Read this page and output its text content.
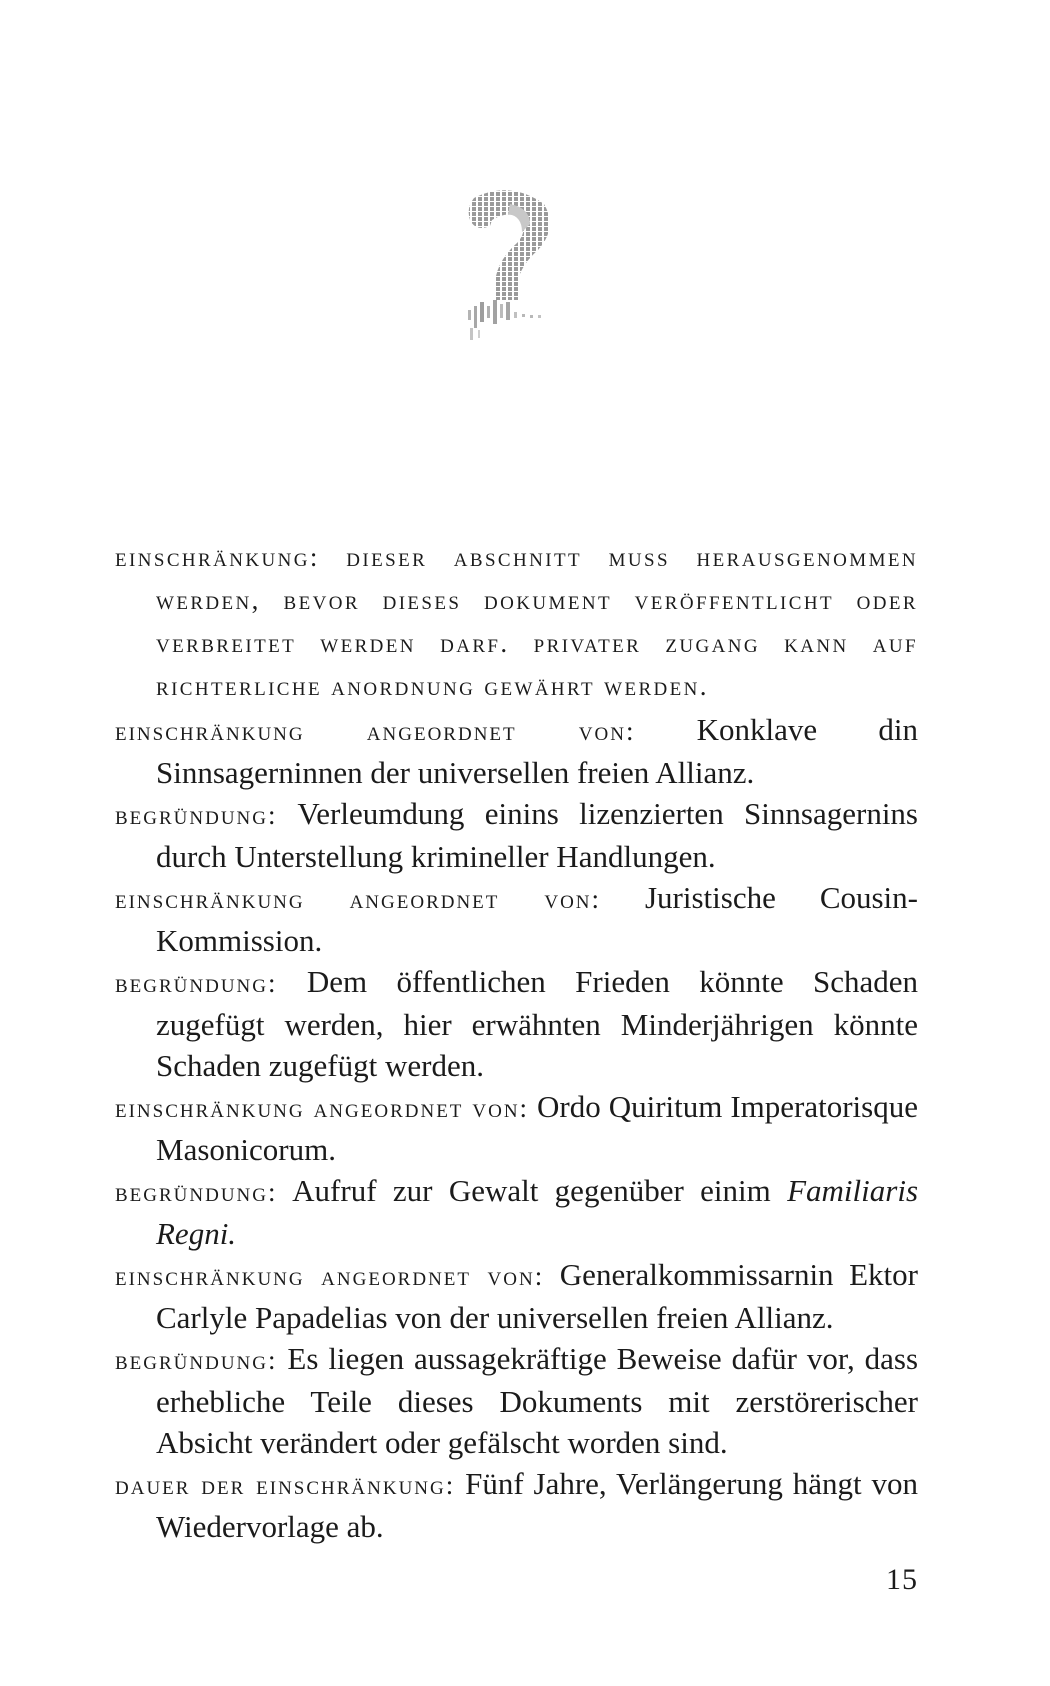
einschränkung: dieser abschnitt muss herausgenommen werden, bevor dieses dokument veröffentlicht oder verbreitet werden darf. privater zugang kann auf richterliche anordnung gewährt werden.

einschränkung angeordnet von: Konklave din Sinnsagerninnen der universellen freien Allianz.

begründung: Verleumdung einins lizenzierten Sinnsagernins durch Unterstellung krimineller Handlungen.

einschränkung angeordnet von: Juristische Cousin-Kommission.

begründung: Dem öffentlichen Frieden könnte Schaden zugefügt werden, hier erwähnten Minderjährigen könnte Schaden zugefügt werden.

einschränkung angeordnet von: Ordo Quiritum Imperatorisque Masonicorum.

begründung: Aufruf zur Gewalt gegenüber einim Familiaris Regni.

einschränkung angeordnet von: Generalkommissarnin Ektor Carlyle Papadelias von der universellen freien Allianz.

begründung: Es liegen aussagekräftige Beweise dafür vor, dass erhebliche Teile dieses Dokuments mit zerstörerischer Absicht verändert oder gefälscht worden sind.

dauer der einschränkung: Fünf Jahre, Verlängerung hängt von Wiedervorlage ab.

15
